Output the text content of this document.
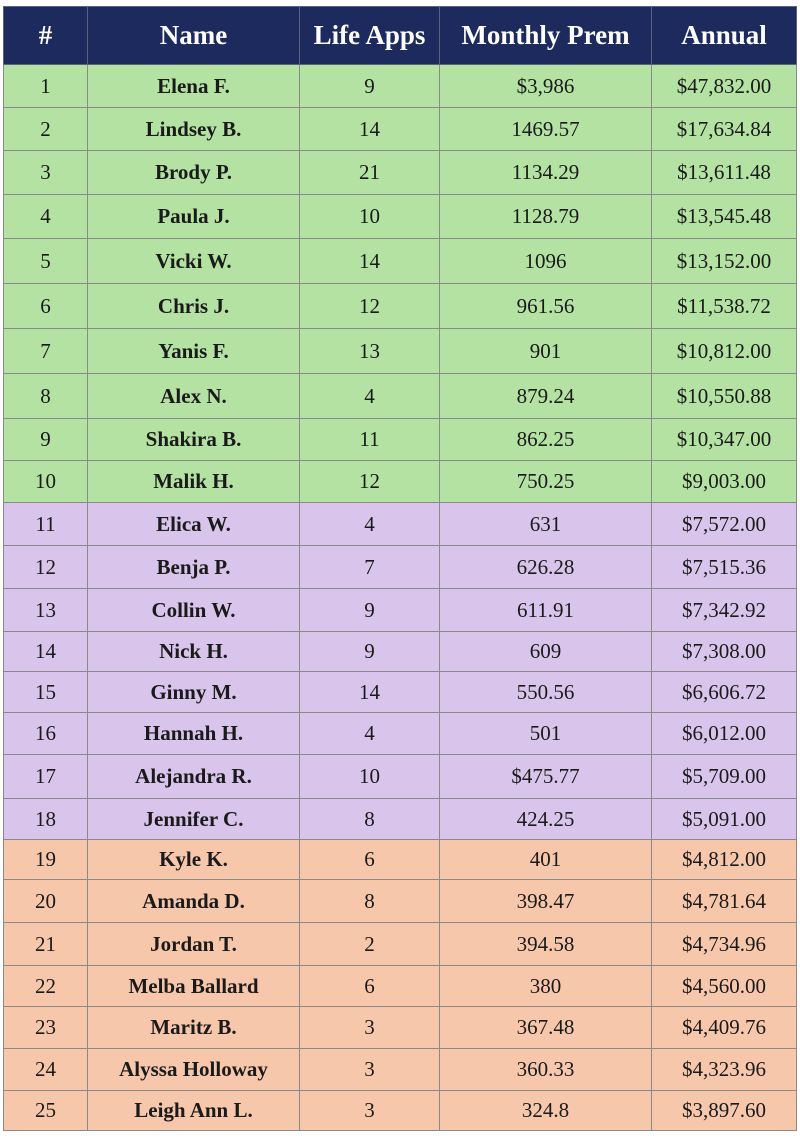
#	Name	Life Apps	Monthly Prem	Annual
1	Elena F.	9	$3,986	$47,832.00
2	Lindsey B.	14	1469.57	$17,634.84
3	Brody P.	21	1134.29	$13,611.48
4	Paula J.	10	1128.79	$13,545.48
5	Vicki W.	14	1096	$13,152.00
6	Chris J.	12	961.56	$11,538.72
7	Yanis F.	13	901	$10,812.00
8	Alex N.	4	879.24	$10,550.88
9	Shakira B.	11	862.25	$10,347.00
10	Malik H.	12	750.25	$9,003.00
11	Elica W.	4	631	$7,572.00
12	Benja P.	7	626.28	$7,515.36
13	Collin W.	9	611.91	$7,342.92
14	Nick H.	9	609	$7,308.00
15	Ginny M.	14	550.56	$6,606.72
16	Hannah H.	4	501	$6,012.00
17	Alejandra R.	10	$475.77	$5,709.00
18	Jennifer C.	8	424.25	$5,091.00
19	Kyle K.	6	401	$4,812.00
20	Amanda D.	8	398.47	$4,781.64
21	Jordan T.	2	394.58	$4,734.96
22	Melba Ballard	6	380	$4,560.00
23	Maritz B.	3	367.48	$4,409.76
24	Alyssa Holloway	3	360.33	$4,323.96
25	Leigh Ann L.	3	324.8	$3,897.60
